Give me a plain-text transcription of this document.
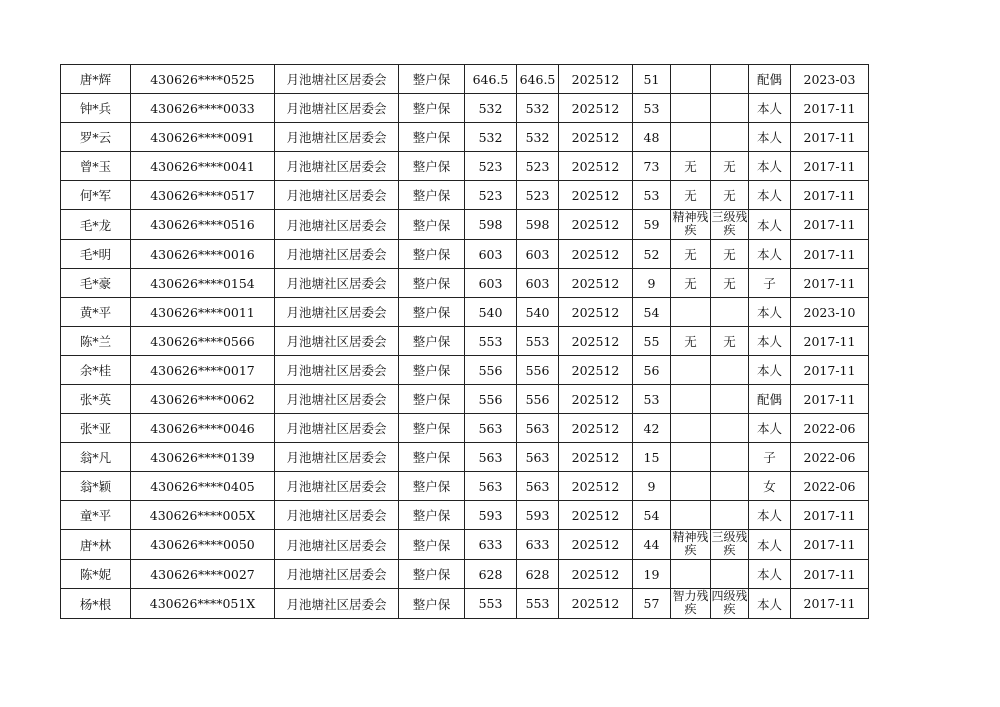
唐*辉	430626****0525	月池塘社区居委会	整户保	646.5	646.5	202512	51			配偶	2023-03
钟*兵	430626****0033	月池塘社区居委会	整户保	532	532	202512	53			本人	2017-11
罗*云	430626****0091	月池塘社区居委会	整户保	532	532	202512	48			本人	2017-11
曾*玉	430626****0041	月池塘社区居委会	整户保	523	523	202512	73	无	无	本人	2017-11
何*军	430626****0517	月池塘社区居委会	整户保	523	523	202512	53	无	无	本人	2017-11
毛*龙	430626****0516	月池塘社区居委会	整户保	598	598	202512	59	精神残疾	三级残疾	本人	2017-11
毛*明	430626****0016	月池塘社区居委会	整户保	603	603	202512	52	无	无	本人	2017-11
毛*豪	430626****0154	月池塘社区居委会	整户保	603	603	202512	9	无	无	子	2017-11
黄*平	430626****0011	月池塘社区居委会	整户保	540	540	202512	54			本人	2023-10
陈*兰	430626****0566	月池塘社区居委会	整户保	553	553	202512	55	无	无	本人	2017-11
余*桂	430626****0017	月池塘社区居委会	整户保	556	556	202512	56			本人	2017-11
张*英	430626****0062	月池塘社区居委会	整户保	556	556	202512	53			配偶	2017-11
张*亚	430626****0046	月池塘社区居委会	整户保	563	563	202512	42			本人	2022-06
翁*凡	430626****0139	月池塘社区居委会	整户保	563	563	202512	15			子	2022-06
翁*颖	430626****0405	月池塘社区居委会	整户保	563	563	202512	9			女	2022-06
童*平	430626****005X	月池塘社区居委会	整户保	593	593	202512	54			本人	2017-11
唐*林	430626****0050	月池塘社区居委会	整户保	633	633	202512	44	精神残疾	三级残疾	本人	2017-11
陈*妮	430626****0027	月池塘社区居委会	整户保	628	628	202512	19			本人	2017-11
杨*根	430626****051X	月池塘社区居委会	整户保	553	553	202512	57	智力残疾	四级残疾	本人	2017-11
